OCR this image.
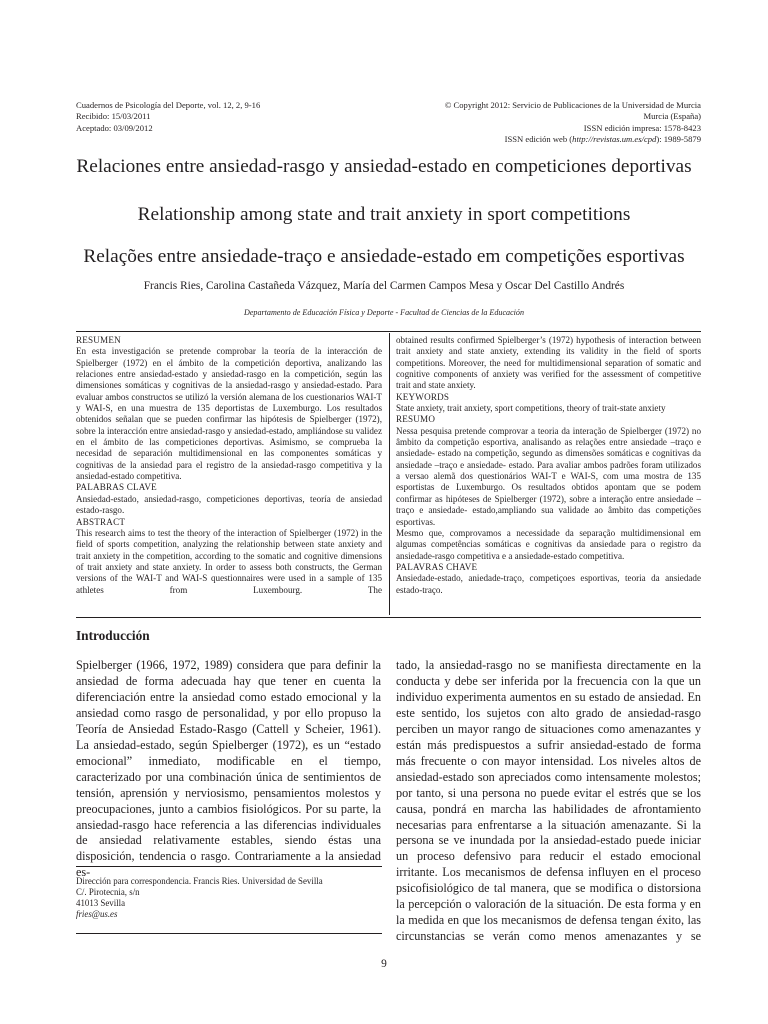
Cuadernos de Psicología del Deporte, vol. 12, 2, 9-16
Recibido: 15/03/2011
Aceptado: 03/09/2012
© Copyright 2012: Servicio de Publicaciones de la Universidad de Murcia
Murcia (España)
ISSN edición impresa: 1578-8423
ISSN edición web (http://revistas.um.es/cpd): 1989-5879
Relaciones entre ansiedad-rasgo y ansiedad-estado en competiciones deportivas
Relationship among state and trait anxiety in sport competitions
Relações entre ansiedade-traço e ansiedade-estado em competições esportivas
Francis Ries, Carolina Castañeda Vázquez, María del Carmen Campos Mesa y Oscar Del Castillo Andrés
Departamento de Educación Física y Deporte - Facultad de Ciencias de la Educación
RESUMEN
En esta investigación se pretende comprobar la teoría de la interacción de Spielberger (1972) en el ámbito de la competición deportiva, analizando las relaciones entre ansiedad-estado y ansiedad-rasgo en la competición, según las dimensiones somáticas y cognitivas de la ansiedad-rasgo y ansiedad-estado. Para evaluar ambos constructos se utilizó la versión alemana de los cuestionarios WAI-T y WAI-S, en una muestra de 135 deportistas de Luxemburgo. Los resultados obtenidos señalan que se pueden confirmar las hipótesis de Spielberger (1972), sobre la interacción entre ansiedad-rasgo y ansiedad-estado, ampliándose su validez en el ámbito de las competiciones deportivas. Asimismo, se comprueba la necesidad de separación multidimensional en las componentes somáticas y cognitivas de la ansiedad para el registro de la ansiedad-rasgo competitiva y la ansiedad-estado competitiva.
PALABRAS CLAVE
Ansiedad-estado, ansiedad-rasgo, competiciones deportivas, teoría de ansiedad estado-rasgo.
ABSTRACT
This research aims to test the theory of the interaction of Spielberger (1972) in the field of sports competition, analyzing the relationship between state anxiety and trait anxiety in the competition, according to the somatic and cognitive dimensions of trait anxiety and state anxiety. In order to assess both constructs, the German versions of the WAI-T and WAI-S questionnaires were used in a sample of 135 athletes from Luxembourg. The
obtained results confirmed Spielberger’s (1972) hypothesis of interaction between trait anxiety and state anxiety, extending its validity in the field of sports competitions. Moreover, the need for multidimensional separation of somatic and cognitive components of anxiety was verified for the assessment of competitive trait and state anxiety.
KEYWORDS
State anxiety, trait anxiety, sport competitions, theory of trait-state anxiety
RESUMO
Nessa pesquisa pretende comprovar a teoria da interação de Spielberger (1972) no âmbito da competição esportiva, analisando as relações entre ansiedade –traço e ansiedade- estado na competição, segundo as dimensões somáticas e cognitivas da ansiedade –traço e ansiedade- estado. Para avaliar ambos padrões foram utilizados a versao alemã dos questionários WAI-T e WAI-S, com uma mostra de 135 esportistas de Luxemburgo. Os resultados obtidos apontam que se podem confirmar as hipóteses de Spielberger (1972), sobre a interação entre ansiedade –traço e ansiedade- estado,ampliando sua validade ao âmbito das competições esportivas.
Mesmo que, comprovamos a necessidade da separação multidimensional em algumas competências somáticas e cognitivas da ansiedade para o registro da ansiedade-rasgo competitiva e a ansiedade-estado competitiva.
PALAVRAS CHAVE
Ansiedade-estado, aniedade-traço, competiçoes esportivas, teoria da ansiedade estado-traço.
Introducción
Spielberger (1966, 1972, 1989) considera que para definir la ansiedad de forma adecuada hay que tener en cuenta la diferenciación entre la ansiedad como estado emocional y la ansiedad como rasgo de personalidad, y por ello propuso la Teoría de Ansiedad Estado-Rasgo (Cattell y Scheier, 1961). La ansiedad-estado, según Spielberger (1972), es un “estado emocional” inmediato, modificable en el tiempo, caracterizado por una combinación única de sentimientos de tensión, aprensión y nerviosismo, pensamientos molestos y preocupaciones, junto a cambios fisiológicos. Por su parte, la ansiedad-rasgo hace referencia a las diferencias individuales de ansiedad relativamente estables, siendo éstas una disposición, tendencia o rasgo. Contrariamente a la ansiedad es-
tado, la ansiedad-rasgo no se manifiesta directamente en la conducta y debe ser inferida por la frecuencia con la que un individuo experimenta aumentos en su estado de ansiedad. En este sentido, los sujetos con alto grado de ansiedad-rasgo perciben un mayor rango de situaciones como amenazantes y están más predispuestos a sufrir ansiedad-estado de forma más frecuente o con mayor intensidad. Los niveles altos de ansiedad-estado son apreciados como intensamente molestos; por tanto, si una persona no puede evitar el estrés que se los causa, pondrá en marcha las habilidades de afrontamiento necesarias para enfrentarse a la situación amenazante. Si la persona se ve inundada por la ansiedad-estado puede iniciar un proceso defensivo para reducir el estado emocional irritante. Los mecanismos de defensa influyen en el proceso psicofisiológico de tal manera, que se modifica o distorsiona la percepción o valoración de la situación. De esta forma y en la medida en que los mecanismos de defensa tengan éxito, las circunstancias se verán como menos amenazantes y se
Dirección para correspondencia. Francis Ries. Universidad de Sevilla
C/. Pirotecnia, s/n
41013 Sevilla
fries@us.es
9
